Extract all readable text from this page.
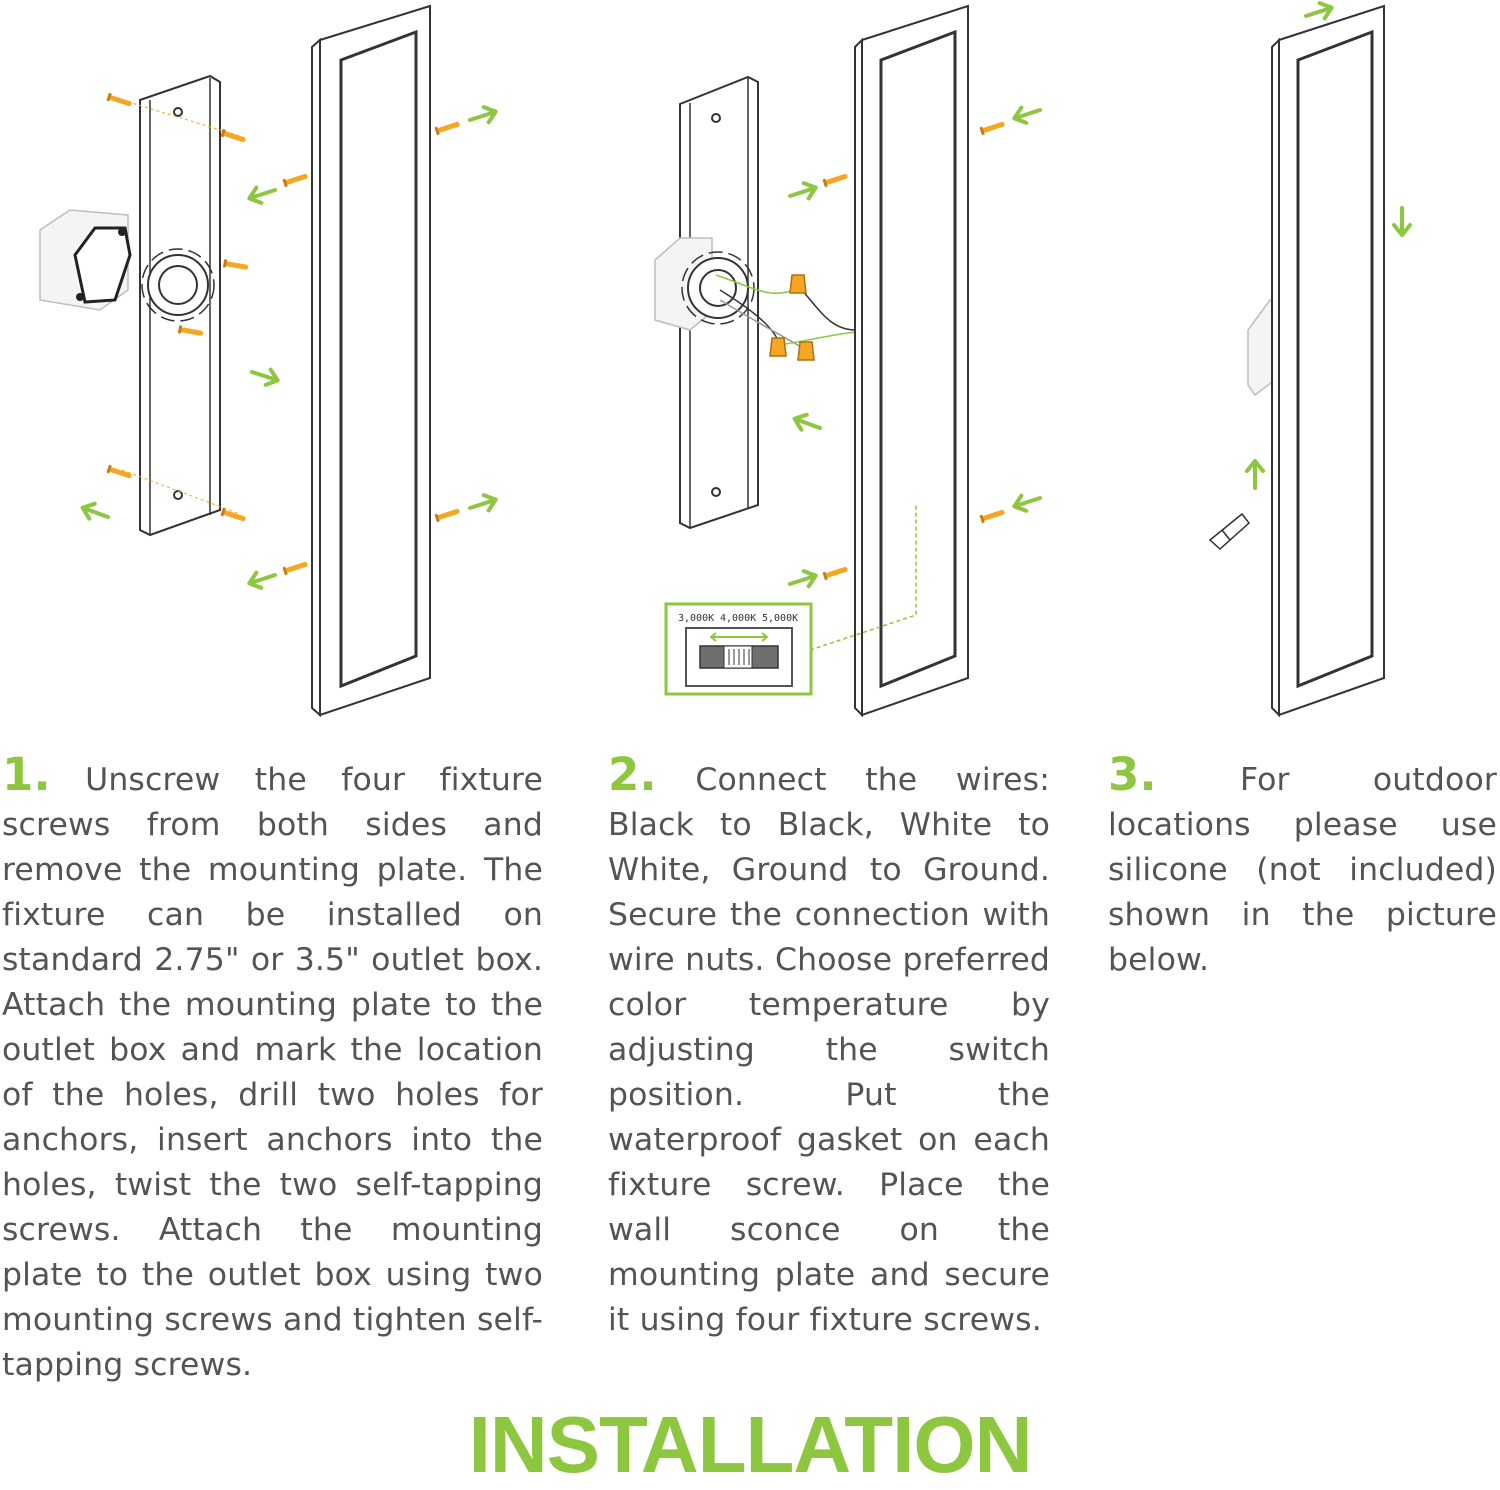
3,000K 4,000K 5,000K
1. Unscrew the four fixture screws from both sides and remove the mounting plate. The fixture can be installed on standard 2.75" or 3.5" outlet box. Attach the mounting plate to the outlet box and mark the location of the holes, drill two holes for anchors, insert anchors into the holes, twist the two self-tapping screws. Attach the mounting plate to the outlet box using two mounting screws and tighten self-tapping screws.
2. Connect the wires: Black to Black, White to White, Ground to Ground. Secure the connection with wire nuts. Choose preferred color temperature by adjusting the switch position. Put the waterproof gasket on each fixture screw. Place the wall sconce on the mounting plate and secure it using four fixture screws.
3.	For outdoor locations please use silicone (not included) shown in the picture below.
INSTALLATION
